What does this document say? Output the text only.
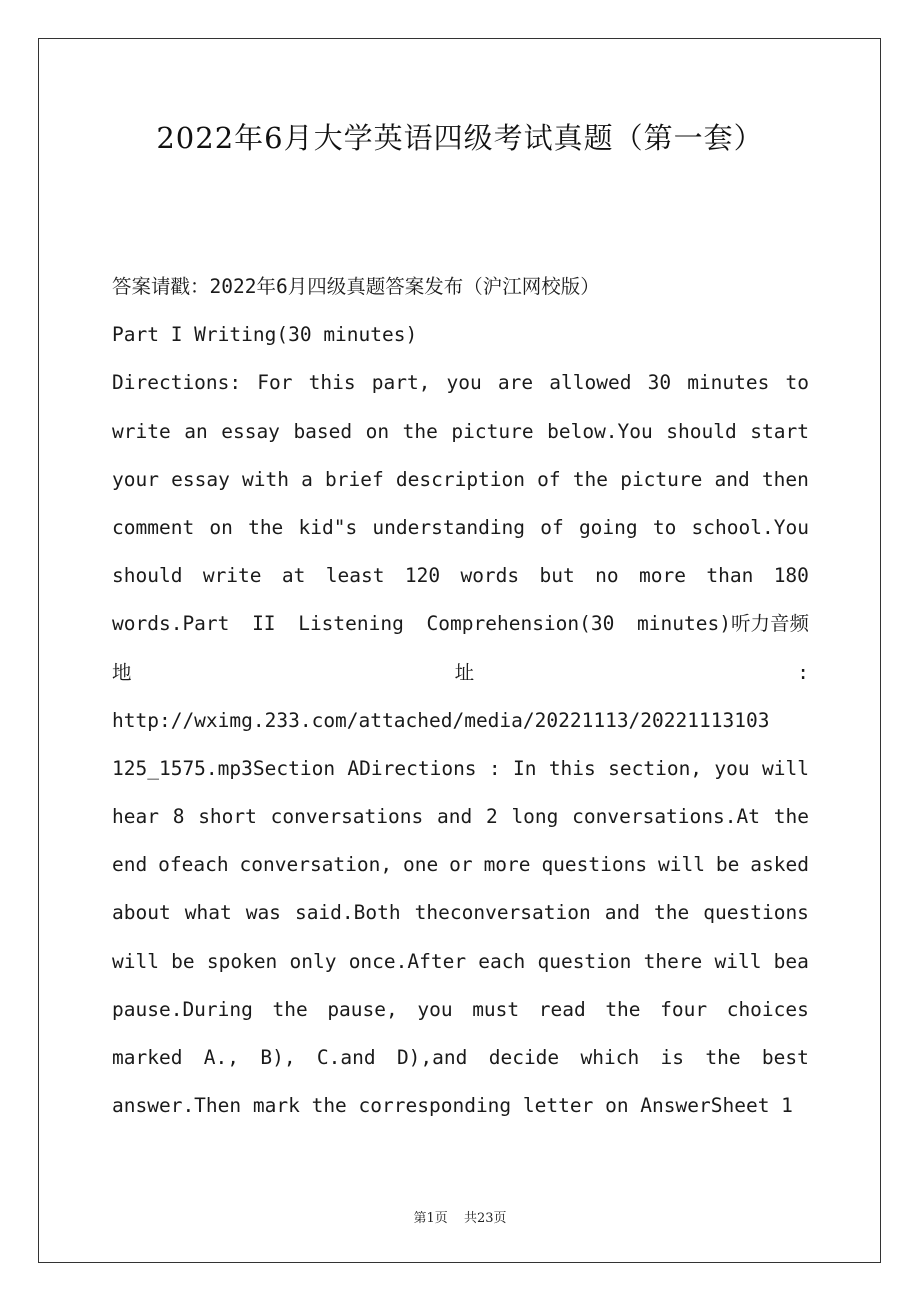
2022年6月大学英语四级考试真题（第一套）
答案请戳：2022年6月四级真题答案发布（沪江网校版）
Part I Writing(30 minutes)
Directions: For this part, you are allowed 30 minutes to
write an essay based on the picture below.You should start
your essay with a brief description of the picture and then
comment on the kid"s understanding of going to school.You
should write at least 120 words but no more than 180
words.Part II Listening Comprehension(30 minutes)听力音频
地	址	:
http://wximg.233.com/attached/media/20221113/20221113103
125_1575.mp3Section ADirections : In this section, you will
hear 8 short conversations and 2 long conversations.At the
end ofeach conversation, one or more questions will be asked
about what was said.Both theconversation and the questions
will be spoken only once.After each question there will bea
pause.During the pause, you must read the four choices
marked A., B), C.and D),and decide which is the best
answer.Then mark the corresponding letter on AnswerSheet 1
第1页 共23页
